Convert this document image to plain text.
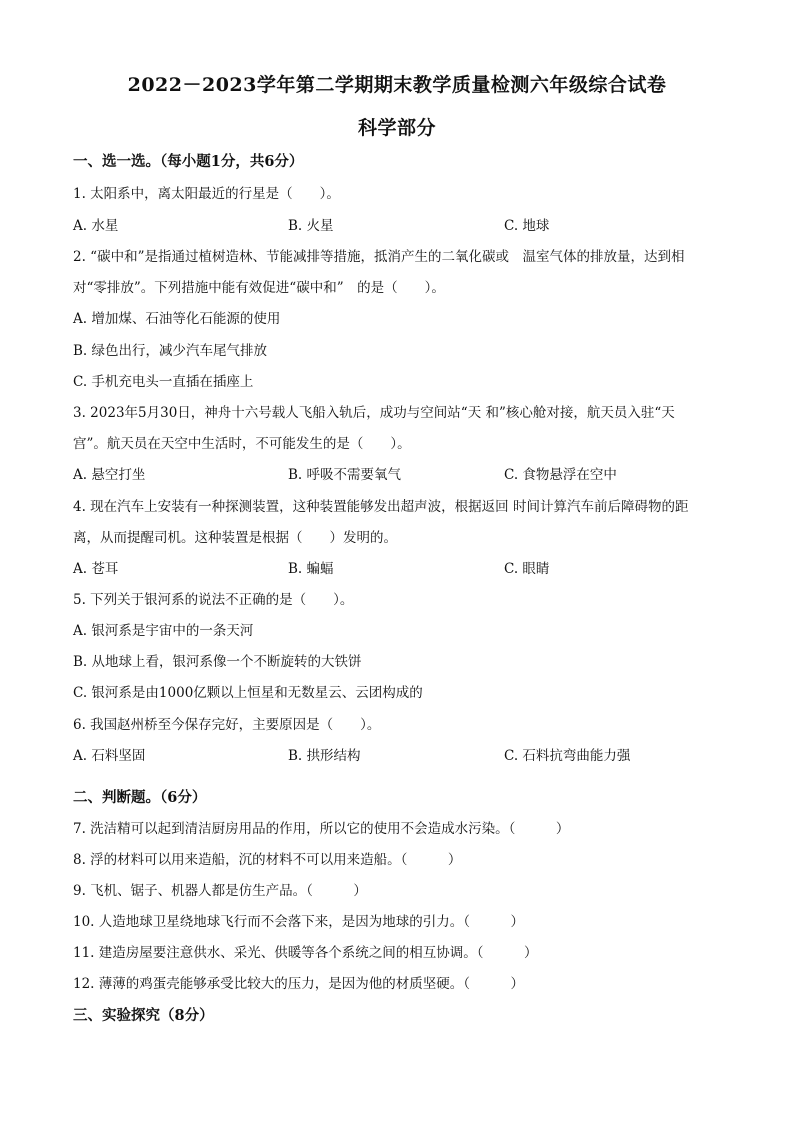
2022－2023学年第二学期期末教学质量检测六年级综合试卷
科学部分
一、选一选。（每小题1分，共6分）
1. 太阳系中，离太阳最近的行星是（　　）。
A. 水星	B. 火星	C. 地球
2. “碳中和”是指通过植树造林、节能减排等措施，抵消产生的二氧化碳或　温室气体的排放量，达到相
对“零排放”。下列措施中能有效促进“碳中和”　的是（　　）。
A. 增加煤、石油等化石能源的使用
B. 绿色出行，减少汽车尾气排放
C. 手机充电头一直插在插座上
3. 2023年5月30日，神舟十六号载人飞船入轨后，成功与空间站“天 和”核心舱对接，航天员入驻“天
宫”。航天员在天空中生活时，不可能发生的是（　　）。
A. 悬空打坐	B. 呼吸不需要氧气	C. 食物悬浮在空中
4. 现在汽车上安装有一种探测装置，这种装置能够发出超声波，根据返回 时间计算汽车前后障碍物的距
离，从而提醒司机。这种装置是根据（　　）发明的。
A. 苍耳	B. 蝙蝠	C. 眼睛
5. 下列关于银河系的说法不正确的是（　　）。
A. 银河系是宇宙中的一条天河
B. 从地球上看，银河系像一个不断旋转的大铁饼
C. 银河系是由1000亿颗以上恒星和无数星云、云团构成的
6. 我国赵州桥至今保存完好，主要原因是（　　）。
A. 石料坚固	B. 拱形结构	C. 石料抗弯曲能力强
二、判断题。（6分）
7. 洗洁精可以起到清洁厨房用品的作用，所以它的使用不会造成水污染。（　　　）
8. 浮的材料可以用来造船，沉的材料不可以用来造船。（　　　）
9. 飞机、锯子、机器人都是仿生产品。（　　　）
10. 人造地球卫星绕地球飞行而不会落下来，是因为地球的引力。（　　　）
11. 建造房屋要注意供水、采光、供暖等各个系统之间的相互协调。（　　　）
12. 薄薄的鸡蛋壳能够承受比较大的压力，是因为他的材质坚硬。（　　　）
三、实验探究（8分）
